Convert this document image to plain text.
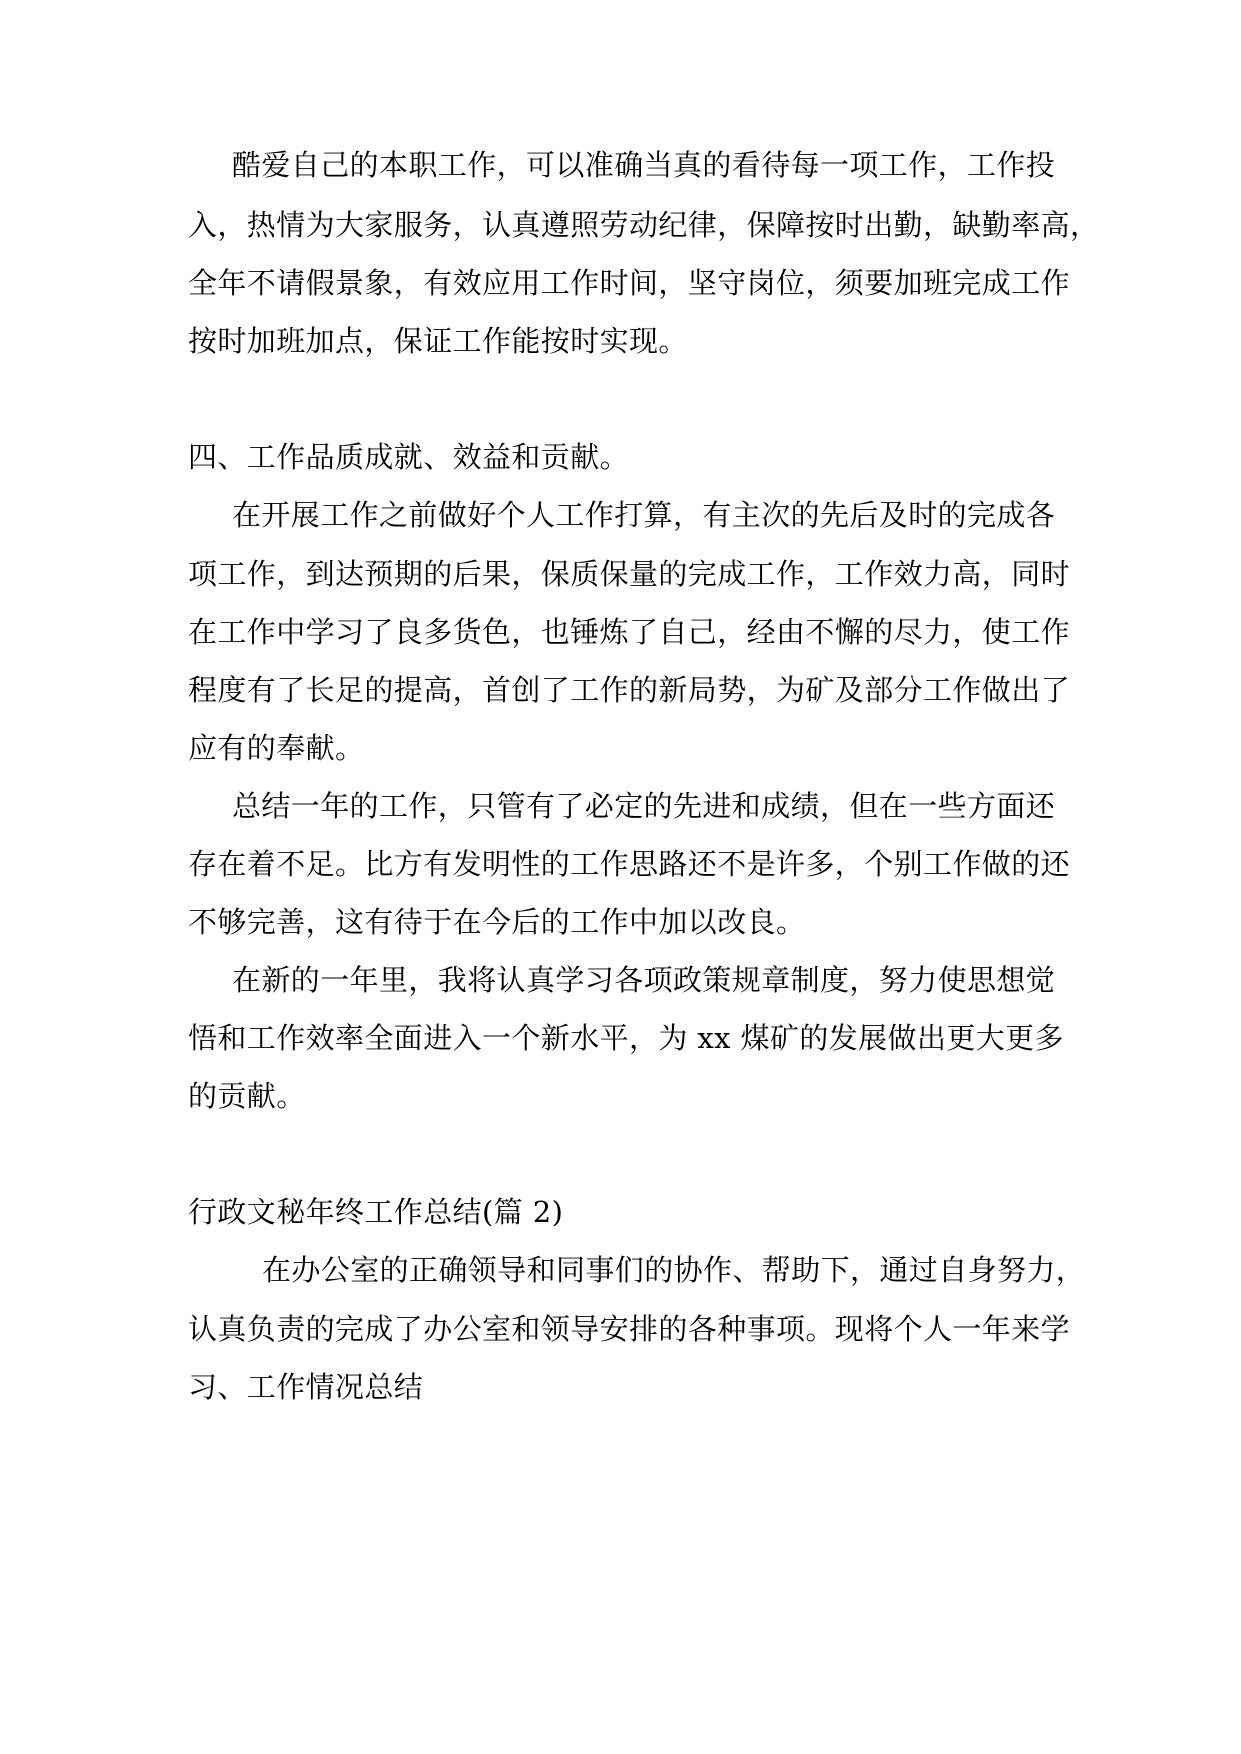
酷爱自己的本职工作，可以准确当真的看待每一项工作，工作投
入，热情为大家服务，认真遵照劳动纪律，保障按时出勤，缺勤率高，
全年不请假景象，有效应用工作时间，坚守岗位，须要加班完成工作
按时加班加点，保证工作能按时实现。
四、工作品质成就、效益和贡献。
在开展工作之前做好个人工作打算，有主次的先后及时的完成各
项工作，到达预期的后果，保质保量的完成工作，工作效力高，同时
在工作中学习了良多货色，也锤炼了自己，经由不懈的尽力，使工作
程度有了长足的提高，首创了工作的新局势，为矿及部分工作做出了
应有的奉献。
总结一年的工作，只管有了必定的先进和成绩，但在一些方面还
存在着不足。比方有发明性的工作思路还不是许多，个别工作做的还
不够完善，这有待于在今后的工作中加以改良。
在新的一年里，我将认真学习各项政策规章制度，努力使思想觉
悟和工作效率全面进入一个新水平，为 xx 煤矿的发展做出更大更多
的贡献。
行政文秘年终工作总结(篇 2)
在办公室的正确领导和同事们的协作、帮助下，通过自身努力，
认真负责的完成了办公室和领导安排的各种事项。现将个人一年来学
习、工作情况总结
